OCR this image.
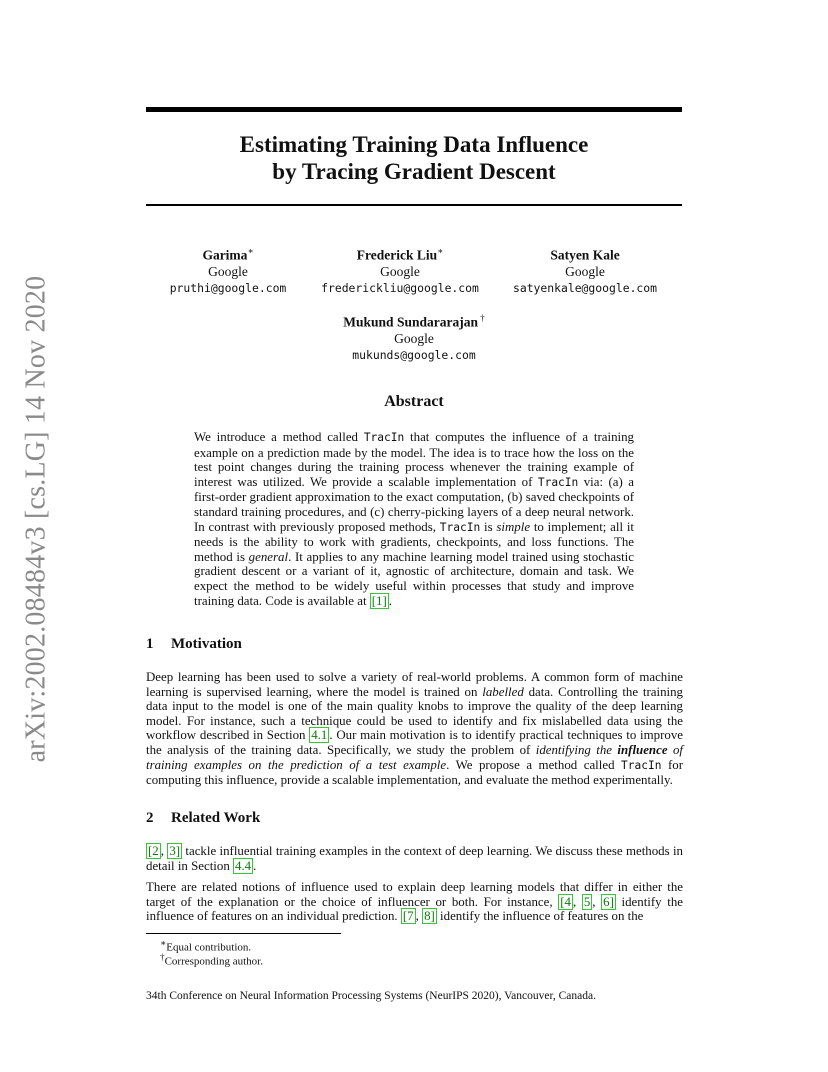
arXiv:2002.08484v3 [cs.LG] 14 Nov 2020
Estimating Training Data Influence
by Tracing Gradient Descent
Garima∗
Google
pruthi@google.com
Frederick Liu∗
Google
frederickliu@google.com
Satyen Kale
Google
satyenkale@google.com
Mukund Sundararajan †
Google
mukunds@google.com
Abstract

We introduce a method called TracIn that computes the influence of a training example on a prediction made by the model. The idea is to trace how the loss on the test point changes during the training process whenever the training example of interest was utilized. We provide a scalable implementation of TracIn via: (a) a first-order gradient approximation to the exact computation, (b) saved checkpoints of standard training procedures, and (c) cherry-picking layers of a deep neural network. In contrast with previously proposed methods, TracIn is simple to implement; all it needs is the ability to work with gradients, checkpoints, and loss functions. The method is general. It applies to any machine learning model trained using stochastic gradient descent or a variant of it, agnostic of architecture, domain and task. We expect the method to be widely useful within processes that study and improve training data. Code is available at [1] .

1 Motivation

Deep learning has been used to solve a variety of real-world problems. A common form of machine learning is supervised learning, where the model is trained on labelled data. Controlling the training data input to the model is one of the main quality knobs to improve the quality of the deep learning model. For instance, such a technique could be used to identify and fix mislabelled data using the workflow described in Section 4.1 . Our main motivation is to identify practical techniques to improve the analysis of the training data. Specifically, we study the problem of identifying the influence of training examples on the prediction of a test example. We propose a method called TracIn for computing this influence, provide a scalable implementation, and evaluate the method experimentally.

2 Related Work

[2 , 3] tackle influential training examples in the context of deep learning. We discuss these methods in detail in Section 4.4 .

There are related notions of influence used to explain deep learning models that differ in either the target of the explanation or the choice of influencer or both. For instance, [4 , 5 , 6] identify the influence of features on an individual prediction. [7 , 8] identify the influence of features on the

∗Equal contribution.
†Corresponding author.
34th Conference on Neural Information Processing Systems (NeurIPS 2020), Vancouver, Canada.
